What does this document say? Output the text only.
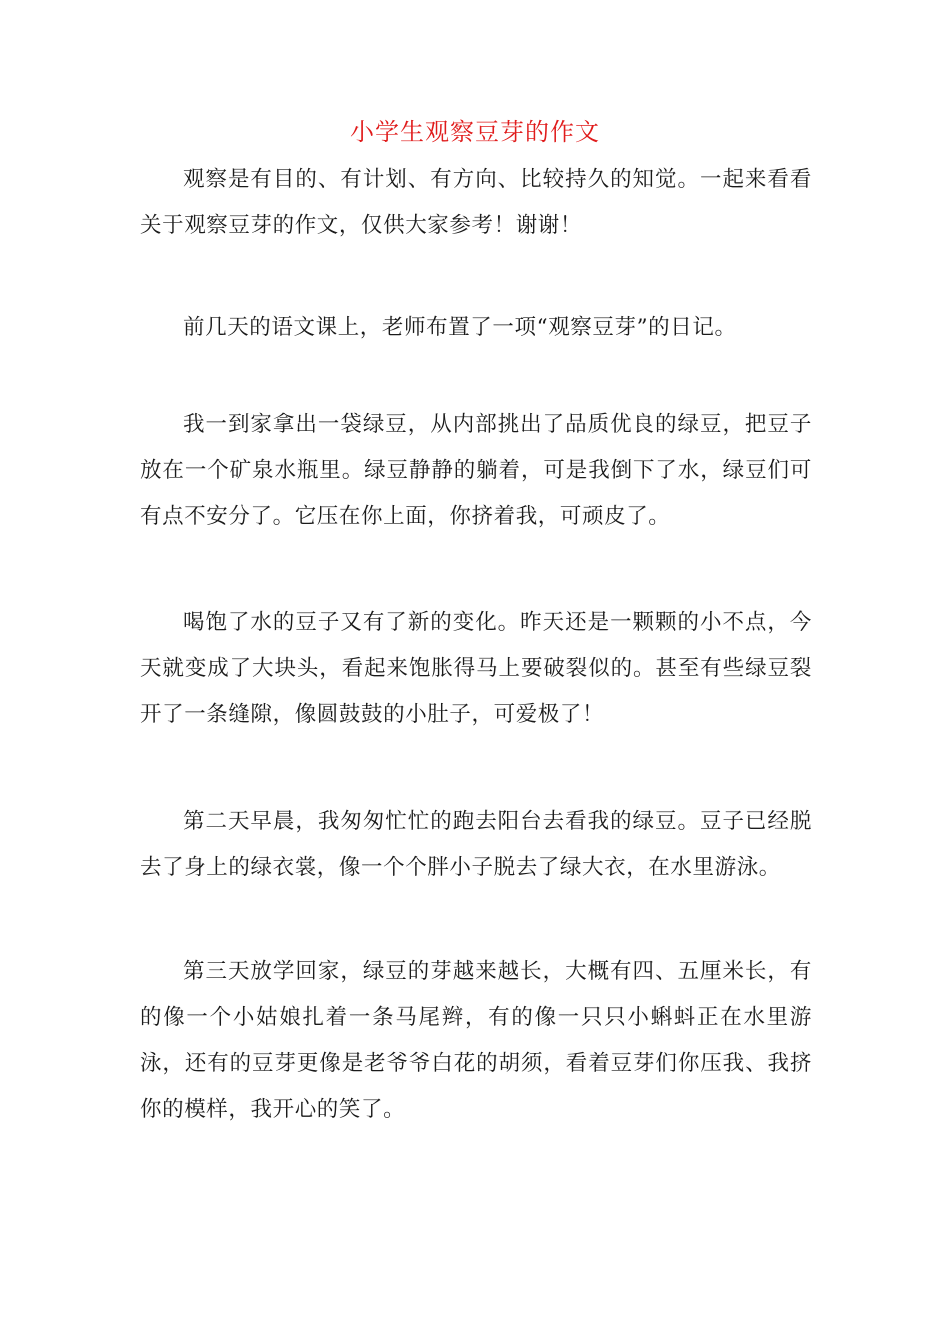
小学生观察豆芽的作文

观察是有目的、有计划、有方向、比较持久的知觉。一起来看看关于观察豆芽的作文，仅供大家参考！谢谢！

前几天的语文课上，老师布置了一项“观察豆芽”的日记。

我一到家拿出一袋绿豆，从内部挑出了品质优良的绿豆，把豆子放在一个矿泉水瓶里。绿豆静静的躺着，可是我倒下了水，绿豆们可有点不安分了。它压在你上面，你挤着我，可顽皮了。

喝饱了水的豆子又有了新的变化。昨天还是一颗颗的小不点，今天就变成了大块头，看起来饱胀得马上要破裂似的。甚至有些绿豆裂开了一条缝隙，像圆鼓鼓的小肚子，可爱极了！

第二天早晨，我匆匆忙忙的跑去阳台去看我的绿豆。豆子已经脱去了身上的绿衣裳，像一个个胖小子脱去了绿大衣，在水里游泳。

第三天放学回家，绿豆的芽越来越长，大概有四、五厘米长，有的像一个小姑娘扎着一条马尾辫，有的像一只只小蝌蚪正在水里游泳，还有的豆芽更像是老爷爷白花的胡须，看着豆芽们你压我、我挤你的模样，我开心的笑了。
